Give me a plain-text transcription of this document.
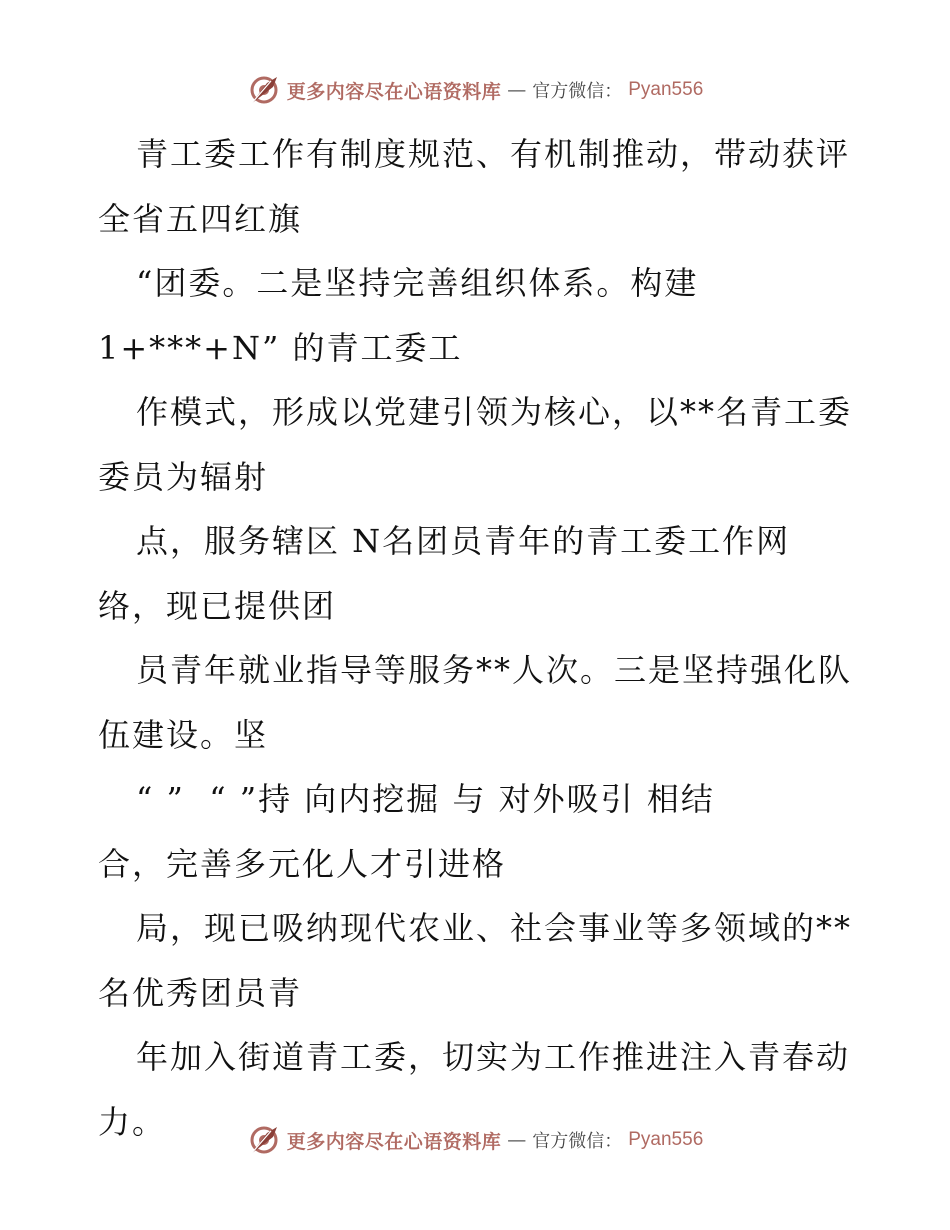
更多内容尽在心语资料库 — 官方微信： Pyan556
青工委工作有制度规范、有机制推动，带动获评
全省五四红旗
“团委。二是坚持完善组织体系。构建
1+***+N” 的青工委工
作模式，形成以党建引领为核心，以**名青工委
委员为辐射
点，服务辖区 N名团员青年的青工委工作网
络，现已提供团
员青年就业指导等服务**人次。三是坚持强化队
伍建设。坚
“ ”  “ ”持 向内挖掘 与 对外吸引 相结
合，完善多元化人才引进格
局，现已吸纳现代农业、社会事业等多领域的**
名优秀团员青
年加入街道青工委，切实为工作推进注入青春动
力。
更多内容尽在心语资料库 — 官方微信： Pyan556
